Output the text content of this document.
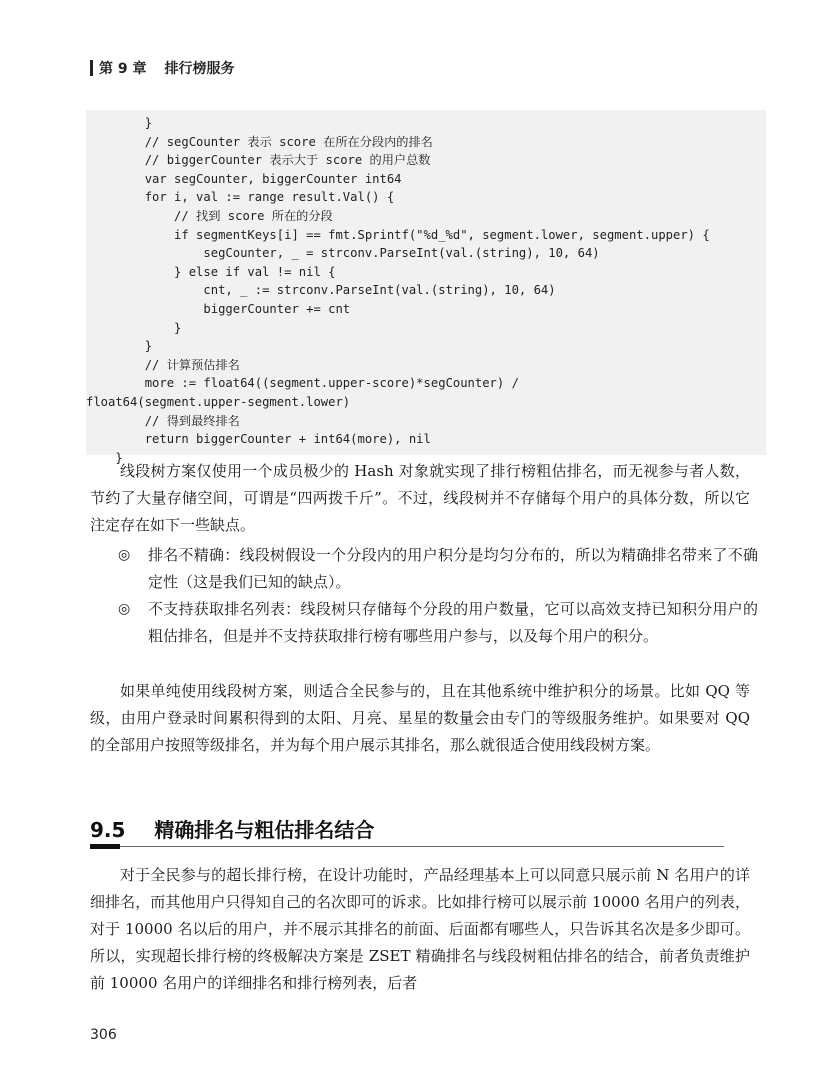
第 9 章 排行榜服务
}
// segCounter 表示 score 在所在分段内的排名
// biggerCounter 表示大于 score 的用户总数
var segCounter, biggerCounter int64
for i, val := range result.Val() {
// 找到 score 所在的分段
if segmentKeys[i] == fmt.Sprintf("%d_%d", segment.lower, segment.upper) {
segCounter, _ = strconv.ParseInt(val.(string), 10, 64)
} else if val != nil {
cnt, _ := strconv.ParseInt(val.(string), 10, 64)
biggerCounter += cnt
}
}
// 计算预估排名
more := float64((segment.upper-score)*segCounter) /
float64(segment.upper-segment.lower)
// 得到最终排名
return biggerCounter + int64(more), nil
}

线段树方案仅使用一个成员极少的 Hash 对象就实现了排行榜粗估排名，而无视参与者人数，节约了大量存储空间，可谓是“四两拨千斤”。不过，线段树并不存储每个用户的具体分数，所以它注定存在如下一些缺点。

◎	排名不精确：线段树假设一个分段内的用户积分是均匀分布的，所以为精确排名带来了不确定性（这是我们已知的缺点）。
◎	不支持获取排名列表：线段树只存储每个分段的用户数量，它可以高效支持已知积分用户的粗估排名，但是并不支持获取排行榜有哪些用户参与，以及每个用户的积分。

如果单纯使用线段树方案，则适合全民参与的，且在其他系统中维护积分的场景。比如 QQ 等级，由用户登录时间累积得到的太阳、月亮、星星的数量会由专门的等级服务维护。如果要对 QQ 的全部用户按照等级排名，并为每个用户展示其排名，那么就很适合使用线段树方案。

9.5 精确排名与粗估排名结合

对于全民参与的超长排行榜，在设计功能时，产品经理基本上可以同意只展示前 N 名用户的详细排名，而其他用户只得知自己的名次即可的诉求。比如排行榜可以展示前 10000 名用户的列表，对于 10000 名以后的用户，并不展示其排名的前面、后面都有哪些人，只告诉其名次是多少即可。所以，实现超长排行榜的终极解决方案是 ZSET 精确排名与线段树粗估排名的结合，前者负责维护前 10000 名用户的详细排名和排行榜列表，后者

306
